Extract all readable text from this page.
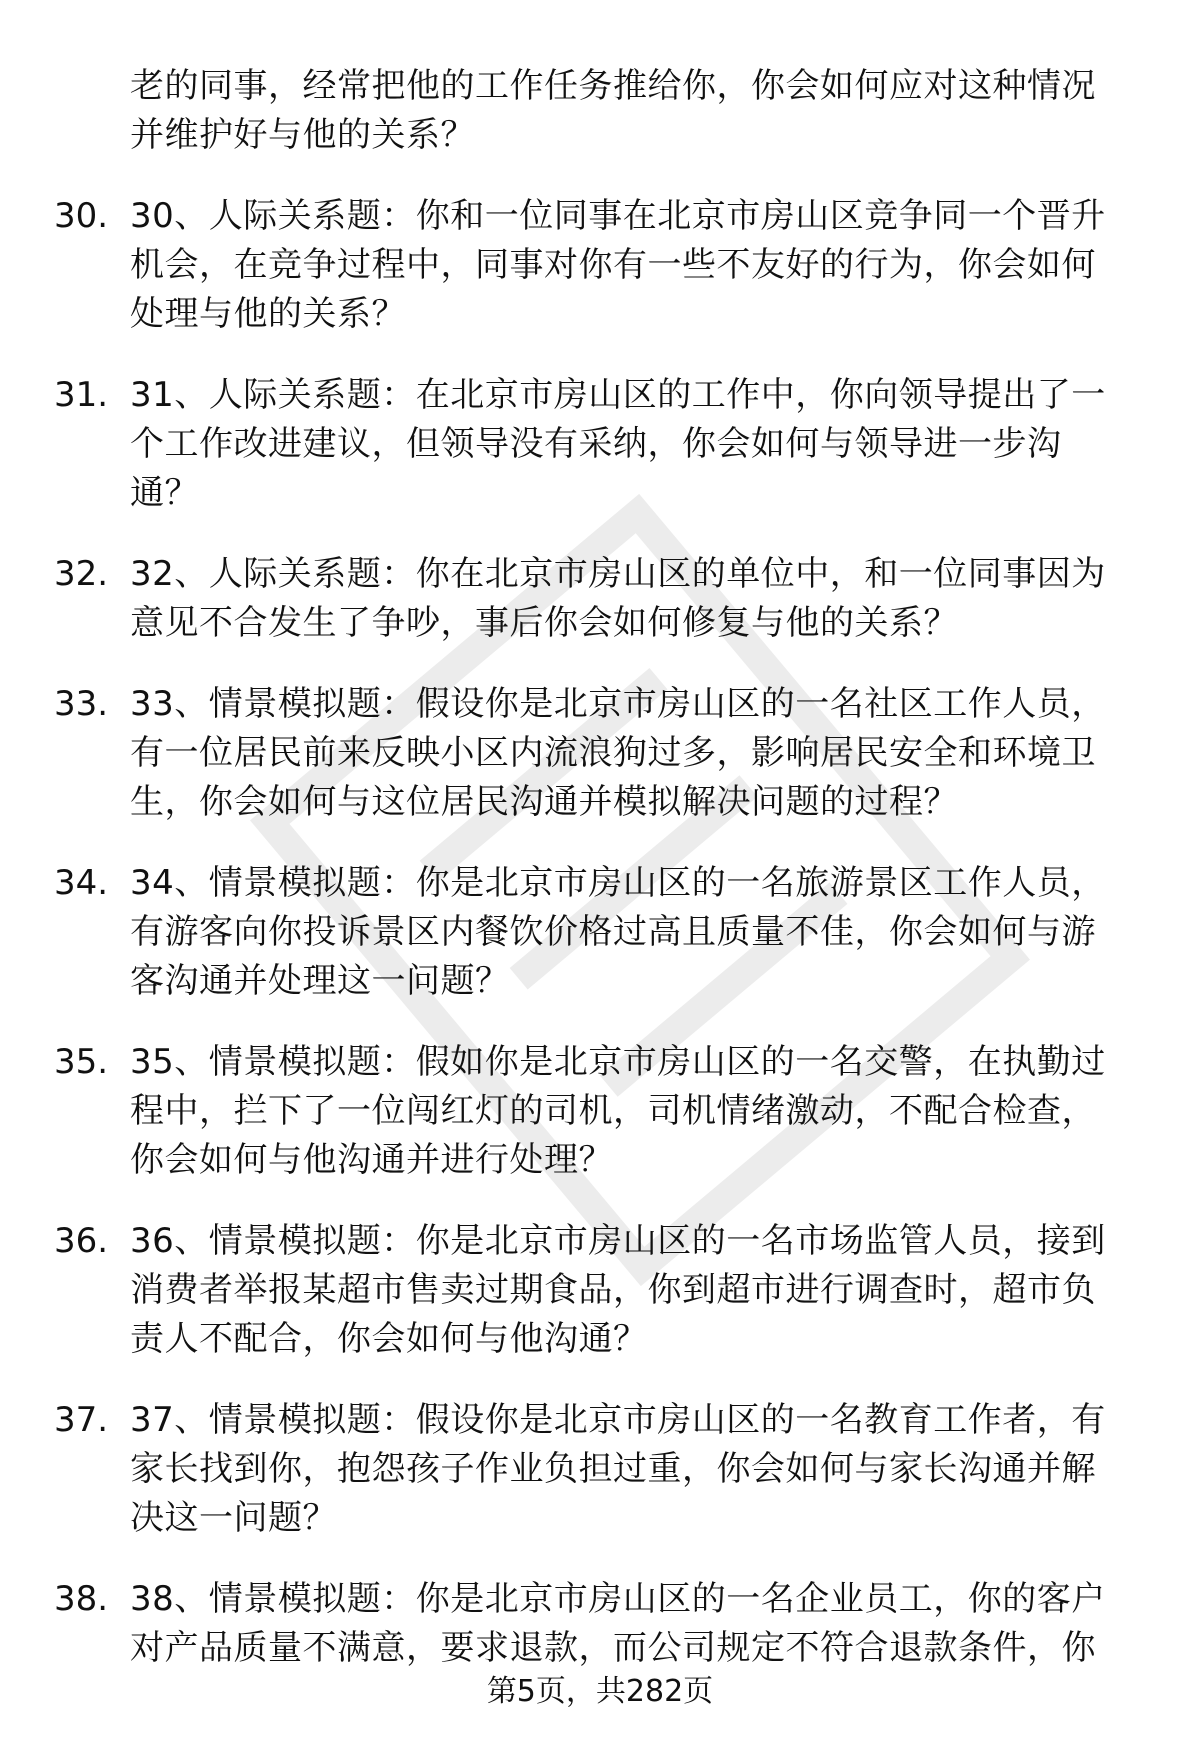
老的同事，经常把他的工作任务推给你，你会如何应对这种情况
并维护好与他的关系？
30. 30、人际关系题：你和一位同事在北京市房山区竞争同一个晋升
机会，在竞争过程中，同事对你有一些不友好的行为，你会如何
处理与他的关系？
31. 31、人际关系题：在北京市房山区的工作中，你向领导提出了一
个工作改进建议，但领导没有采纳，你会如何与领导进一步沟
通？
32. 32、人际关系题：你在北京市房山区的单位中，和一位同事因为
意见不合发生了争吵，事后你会如何修复与他的关系？
33. 33、情景模拟题：假设你是北京市房山区的一名社区工作人员，
有一位居民前来反映小区内流浪狗过多，影响居民安全和环境卫
生，你会如何与这位居民沟通并模拟解决问题的过程？
34. 34、情景模拟题：你是北京市房山区的一名旅游景区工作人员，
有游客向你投诉景区内餐饮价格过高且质量不佳，你会如何与游
客沟通并处理这一问题？
35. 35、情景模拟题：假如你是北京市房山区的一名交警，在执勤过
程中，拦下了一位闯红灯的司机，司机情绪激动，不配合检查，
你会如何与他沟通并进行处理？
36. 36、情景模拟题：你是北京市房山区的一名市场监管人员，接到
消费者举报某超市售卖过期食品，你到超市进行调查时，超市负
责人不配合，你会如何与他沟通？
37. 37、情景模拟题：假设你是北京市房山区的一名教育工作者，有
家长找到你，抱怨孩子作业负担过重，你会如何与家长沟通并解
决这一问题？
38. 38、情景模拟题：你是北京市房山区的一名企业员工，你的客户
对产品质量不满意，要求退款，而公司规定不符合退款条件，你
第5页，共282页
